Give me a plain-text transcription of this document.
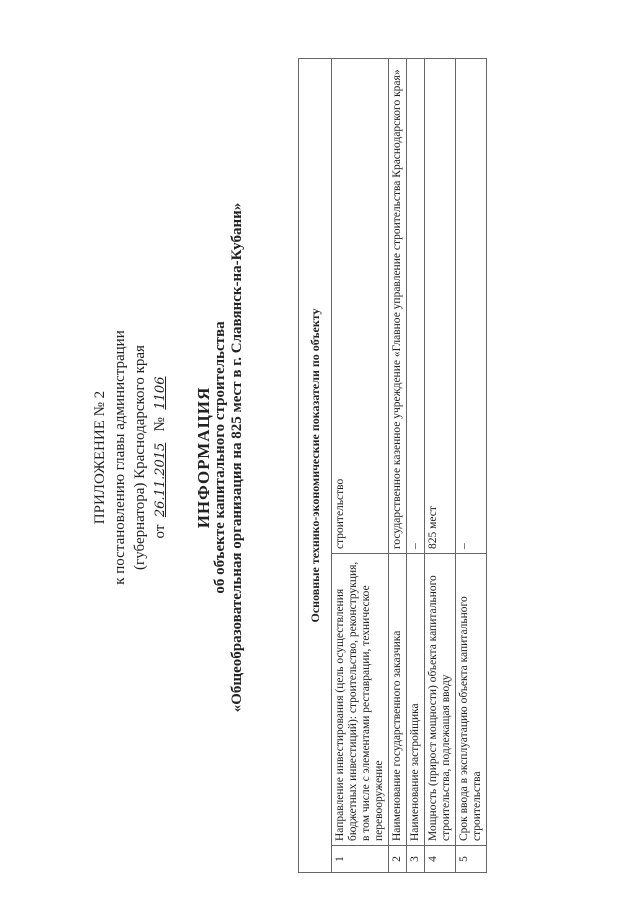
ПРИЛОЖЕНИЕ № 2 к постановлению главы администрации (губернатора) Краснодарского края от  26.11.2015   №  1106 ИНФОРМАЦИЯ об объекте капитального строительства «Общеобразовательная организация на 825 мест в г. Славянск-на-Кубани»	Основные технико-экономические показатели по объекту		
1	Направление инвестирования (цель осуществления бюджетных инвестиций): строительство, реконструкция, в том числе с элементами реставрации, техническое перевооружение	строительство
2	Наименование государственного заказчика	государственное казенное учреждение «Главное управление строительства Краснодарского края»
3	Наименование застройщика	–
4	Мощность (прирост мощности) объекта капитального строительства, подлежащая вводу	825 мест
5	Срок ввода в эксплуатацию объекта капитального строительства	–
